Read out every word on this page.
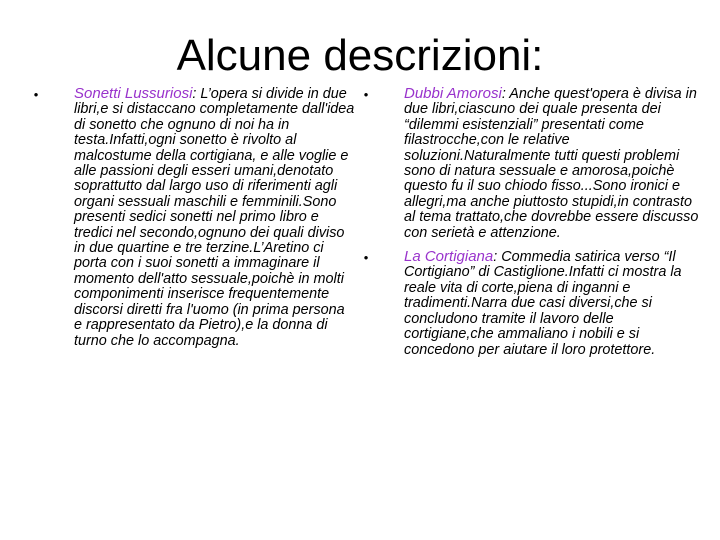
Alcune descrizioni:
• Sonetti Lussuriosi: L’opera si divide in due libri,e si distaccano completamente dall'idea di sonetto che ognuno di noi ha in testa.Infatti,ogni sonetto è rivolto al malcostume della cortigiana, e alle voglie e alle passioni degli esseri umani,denotato soprattutto dal largo uso di riferimenti agli organi sessuali maschili e femminili.Sono presenti sedici sonetti nel primo libro e tredici nel secondo,ognuno dei quali diviso in due quartine e tre terzine.L’Aretino ci porta con i suoi sonetti a immaginare il momento dell'atto sessuale,poichè in molti componimenti inserisce frequentemente discorsi diretti fra l'uomo (in prima persona e rappresentato da Pietro),e la donna di turno che lo accompagna.
• Dubbi Amorosi: Anche quest'opera è divisa in due libri,ciascuno dei quale presenta dei “dilemmi esistenziali” presentati come filastrocche,con le relative soluzioni.Naturalmente tutti questi problemi sono di natura sessuale e amorosa,poichè questo fu il suo chiodo fisso...Sono ironici e allegri,ma anche piuttosto stupidi,in contrasto al tema trattato,che dovrebbe essere discusso con serietà e attenzione.
• La Cortigiana: Commedia satirica verso “Il Cortigiano” di Castiglione.Infatti ci mostra la reale vita di corte,piena di inganni e tradimenti.Narra due casi diversi,che si concludono tramite il lavoro delle cortigiane,che ammaliano i nobili e si concedono per aiutare il loro protettore.
